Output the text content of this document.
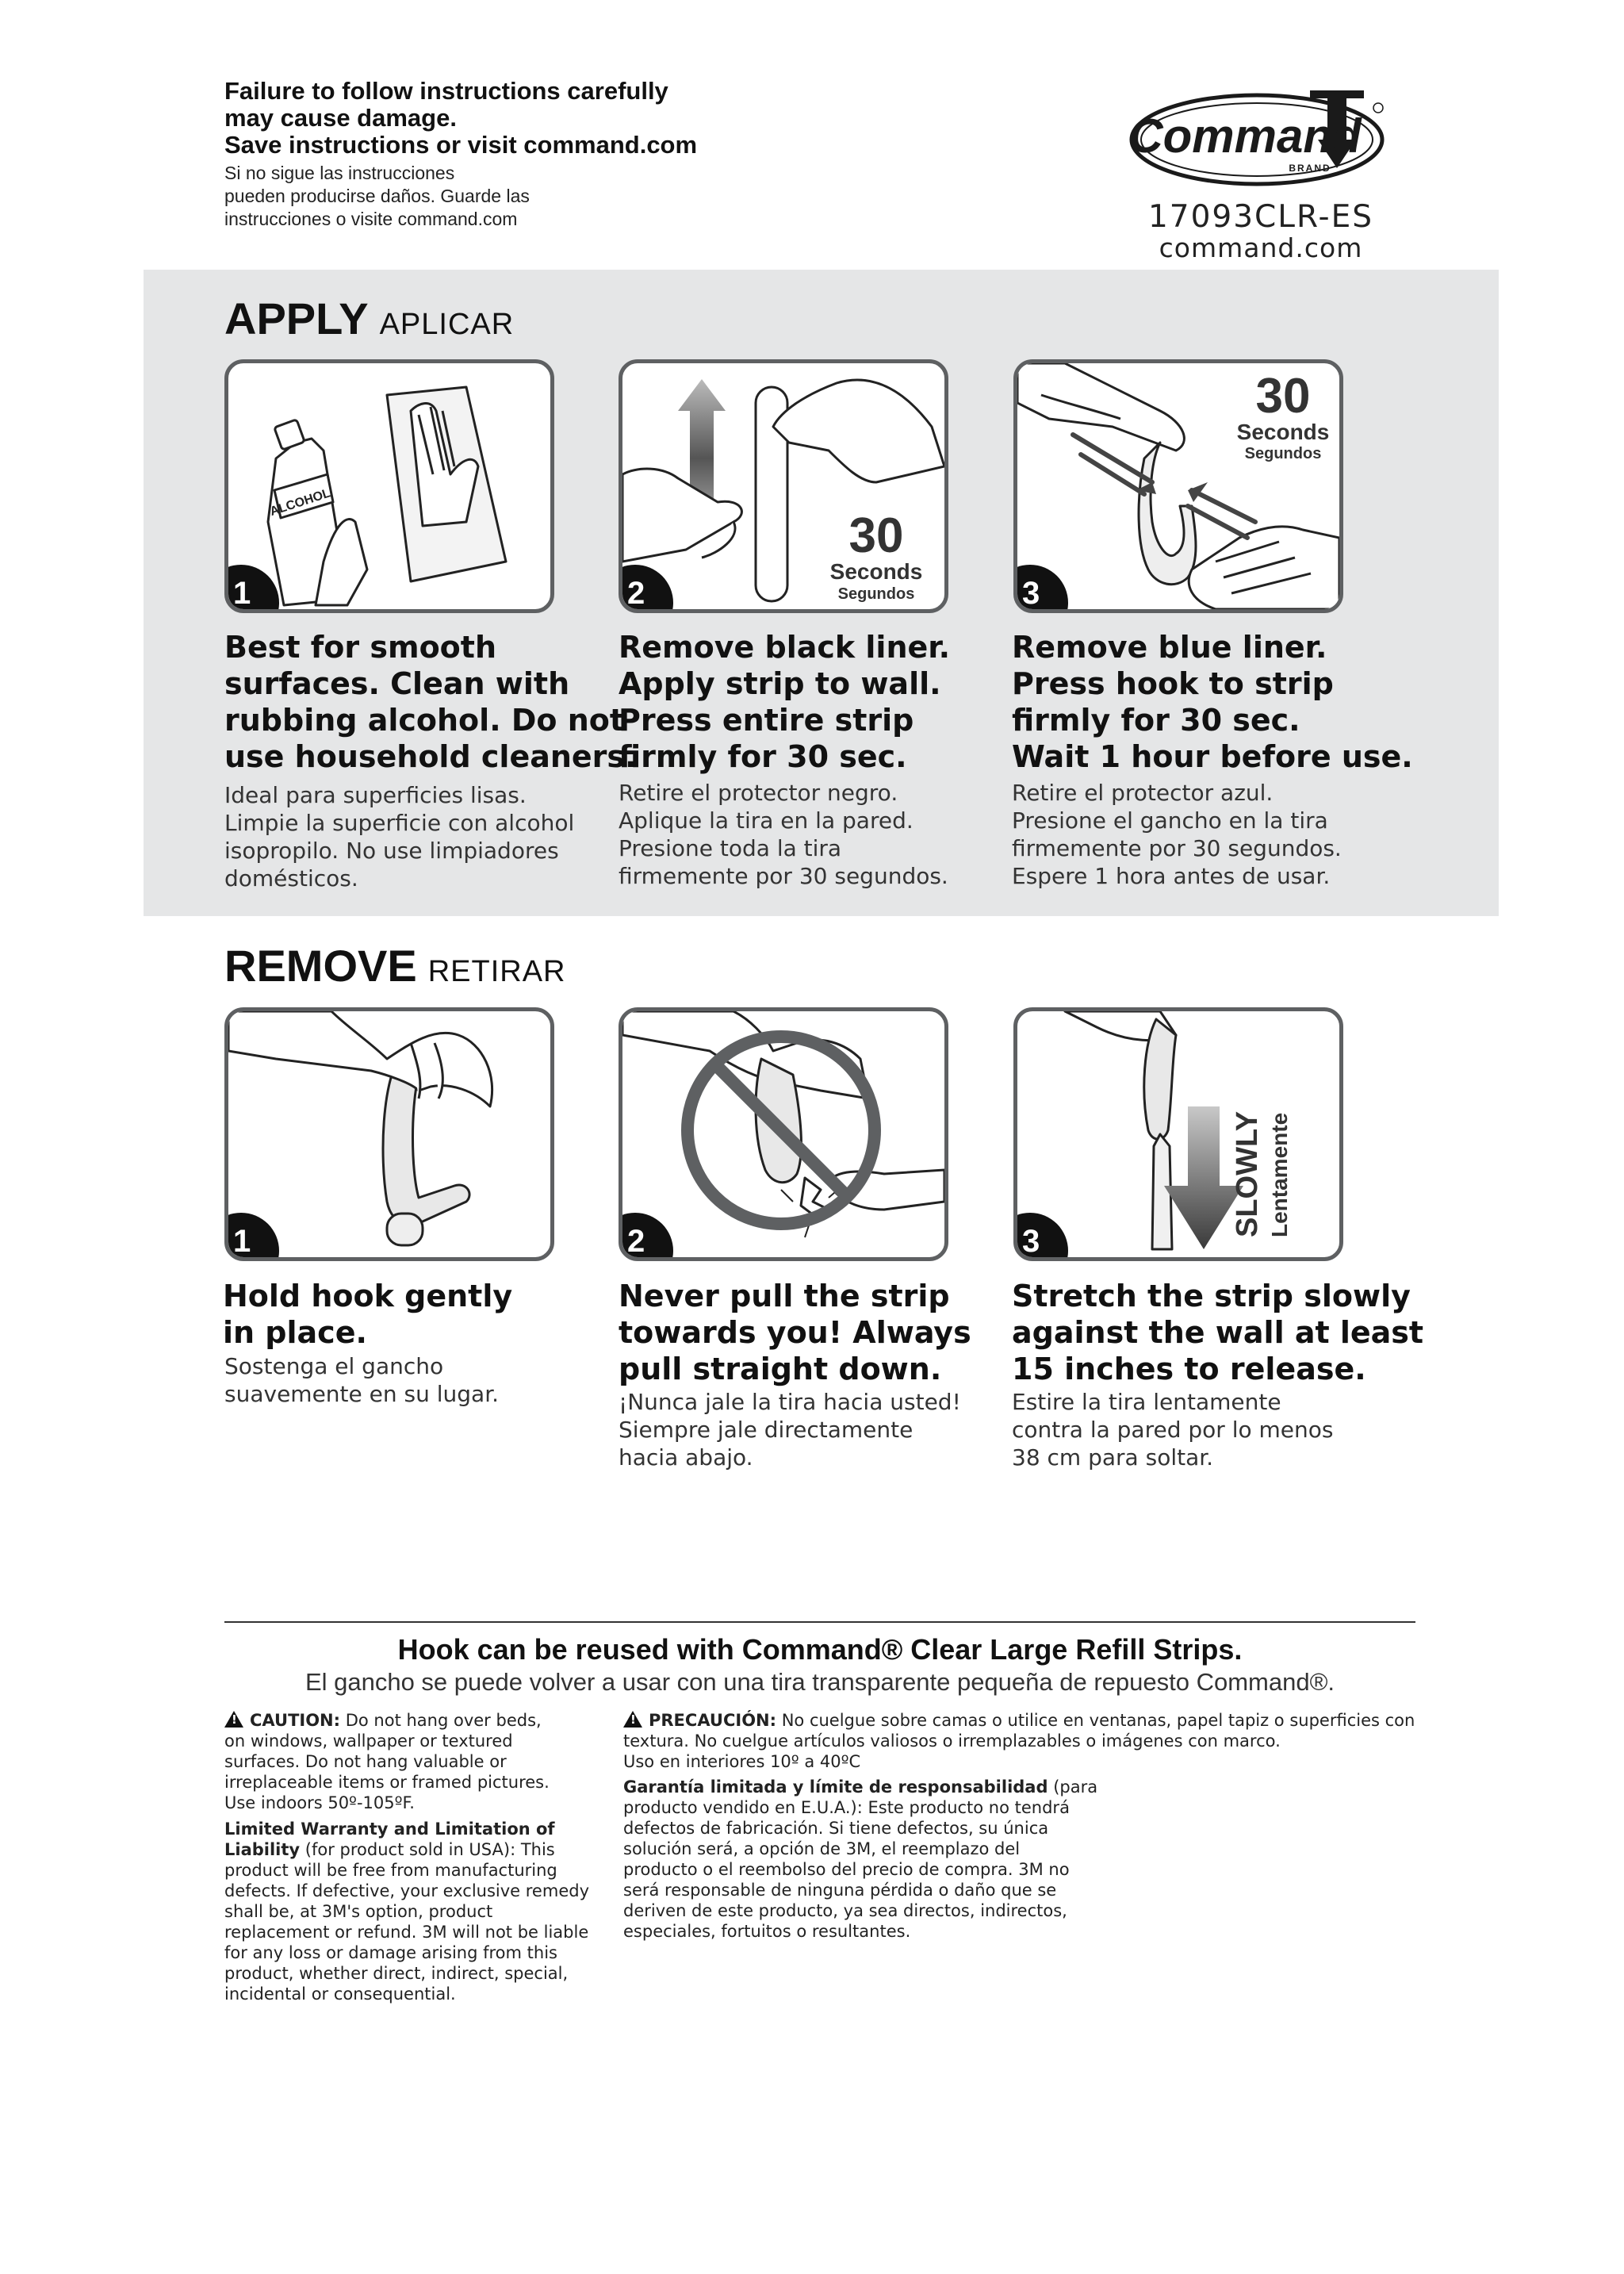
Failure to follow instructions carefully
may cause damage.
Save instructions or visit command.com
Si no sigue las instrucciones
pueden producirse daños. Guarde las
instrucciones o visite command.com
Command
BRAND
17093CLR-ES
command.com
APPLY APLICAR
ALCOHOL
1
30
Seconds
Segundos
2
30
Seconds
Segundos
3
Best for smooth
surfaces. Clean with
rubbing alcohol. Do not
use household cleaners.
Ideal para superficies lisas.
Limpie la superficie con alcohol
isopropilo. No use limpiadores
domésticos.
Remove black liner.
Apply strip to wall.
Press entire strip
firmly for 30 sec.
Retire el protector negro.
Aplique la tira en la pared.
Presione toda la tira
firmemente por 30 segundos.
Remove blue liner.
Press hook to strip
firmly for 30 sec.
Wait 1 hour before use.
Retire el protector azul.
Presione el gancho en la tira
firmemente por 30 segundos.
Espere 1 hora antes de usar.
REMOVE RETIRAR
1	2
SLOWLY Lentamente
3
Hold hook gently
in place.
Sostenga el gancho
suavemente en su lugar.
Never pull the strip
towards you! Always
pull straight down.
¡Nunca jale la tira hacia usted!
Siempre jale directamente
hacia abajo.
Stretch the strip slowly
against the wall at least
15 inches to release.
Estire la tira lentamente
contra la pared por lo menos
38 cm para soltar.
Hook can be reused with Command® Clear Large Refill Strips.
El gancho se puede volver a usar con una tira transparente pequeña de repuesto Command®.
!CAUTION: Do not hang over beds,
on windows, wallpaper or textured
surfaces. Do not hang valuable or
irreplaceable items or framed pictures.
Use indoors 50º-105ºF.
Limited Warranty and Limitation of
Liability (for product sold in USA): This
product will be free from manufacturing
defects. If defective, your exclusive remedy
shall be, at 3M's option, product
replacement or refund. 3M will not be liable
for any loss or damage arising from this
product, whether direct, indirect, special,
incidental or consequential.
!PRECAUCIÓN: No cuelgue sobre camas o utilice en ventanas, papel tapiz o superficies con
textura. No cuelgue artículos valiosos o irremplazables o imágenes con marco.
Uso en interiores 10º a 40ºC
Garantía limitada y límite de responsabilidad (para
producto vendido en E.U.A.): Este producto no tendrá
defectos de fabricación. Si tiene defectos, su única
solución será, a opción de 3M, el reemplazo del
producto o el reembolso del precio de compra. 3M no
será responsable de ninguna pérdida o daño que se
deriven de este producto, ya sea directos, indirectos,
especiales, fortuitos o resultantes.
